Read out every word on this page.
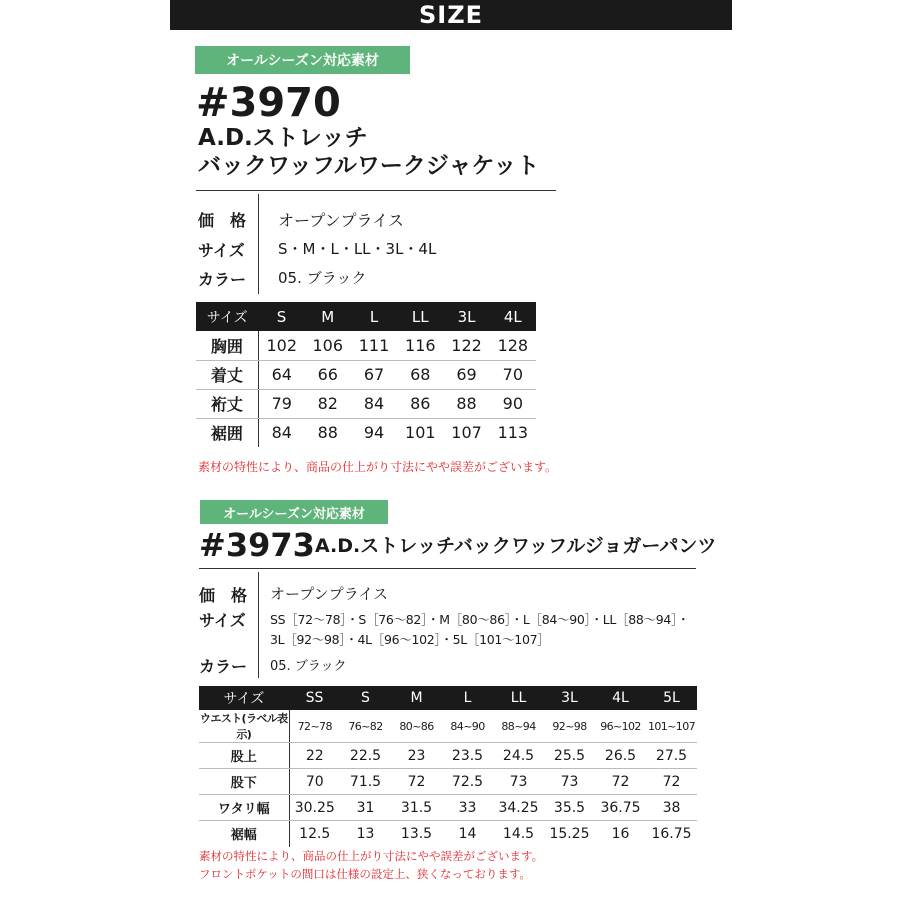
SIZE
オールシーズン対応素材
#3970
A.D.ストレッチ
バックワッフルワークジャケット
価　格 オープンプライス
サイズ S・M・L・LL・3L・4L
カラー 05. ブラック
サイズ	S	M	L	LL	3L	4L
胸囲	102	106	111	116	122	128
着丈	64	66	67	68	69	70
裄丈	79	82	84	86	88	90
裾囲	84	88	94	101	107	113
素材の特性により、商品の仕上がり寸法にやや誤差がございます。
オールシーズン対応素材
#3973 A.D.ストレッチバックワッフルジョガーパンツ
価　格 オープンプライス
サイズ SS［72～78］・S［76～82］・M［80～86］・L［84～90］・LL［88～94］・
3L［92～98］・4L［96～102］・5L［101～107］
カラー 05. ブラック
サイズ	SS	S	M	L	LL	3L	4L	5L
ウエスト(ラベル表示)	72~78	76~82	80~86	84~90	88~94	92~98	96~102	101~107
股上	22	22.5	23	23.5	24.5	25.5	26.5	27.5
股下	70	71.5	72	72.5	73	73	72	72
ワタリ幅	30.25	31	31.5	33	34.25	35.5	36.75	38
裾幅	12.5	13	13.5	14	14.5	15.25	16	16.75
素材の特性により、商品の仕上がり寸法にやや誤差がございます。
フロントポケットの間口は仕様の設定上、狭くなっております。
